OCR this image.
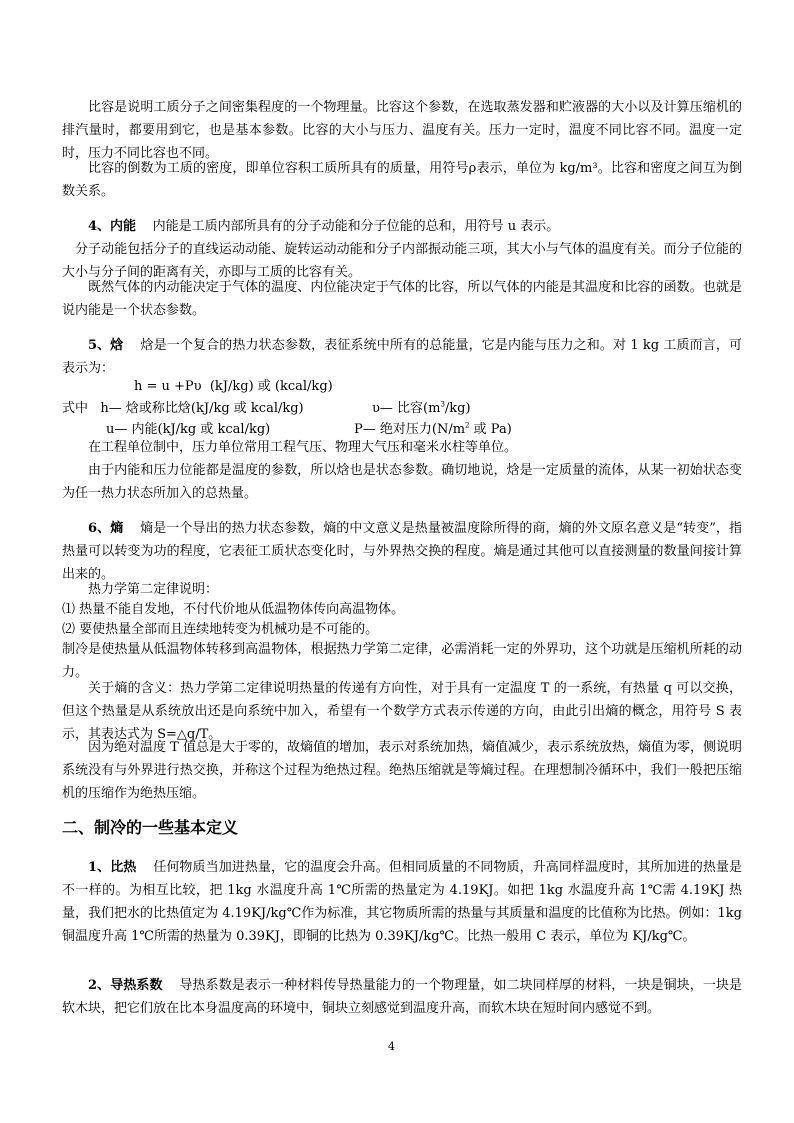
比容是说明工质分子之间密集程度的一个物理量。比容这个参数，在选取蒸发器和贮液器的大小以及计算压缩机的排汽量时，都要用到它，也是基本参数。比容的大小与压力、温度有关。压力一定时，温度不同比容不同。温度一定时，压力不同比容也不同。
比容的倒数为工质的密度，即单位容积工质所具有的质量，用符号ρ表示，单位为 kg/m³。比容和密度之间互为倒数关系。
4、内能 内能是工质内部所具有的分子动能和分子位能的总和，用符号 u 表示。
分子动能包括分子的直线运动动能、旋转运动动能和分子内部振动能三项，其大小与气体的温度有关。而分子位能的大小与分子间的距离有关，亦即与工质的比容有关。
既然气体的内动能决定于气体的温度、内位能决定于气体的比容，所以气体的内能是其温度和比容的函数。也就是说内能是一个状态参数。
5、焓 焓是一个复合的热力状态参数，表征系统中所有的总能量，它是内能与压力之和。对 1 kg 工质而言，可表示为：
h = u +Pυ  (kJ/kg) 或 (kcal/kg)
式中   h— 焓或称比焓(kJ/kg 或 kcal/kg)	υ— 比容$(m^3/kg)$
u— 内能(kJ/kg 或 kcal/kg)	P— 绝对压力($N/m^2$ 或 Pa)
在工程单位制中，压力单位常用工程气压、物理大气压和毫米水柱等单位。
由于内能和压力位能都是温度的参数，所以焓也是状态参数。确切地说，焓是一定质量的流体，从某一初始状态变为任一热力状态所加入的总热量。
6、熵 熵是一个导出的热力状态参数，熵的中文意义是热量被温度除所得的商，熵的外文原名意义是“转变”，指热量可以转变为功的程度，它表征工质状态变化时，与外界热交换的程度。熵是通过其他可以直接测量的数量间接计算出来的。
热力学第二定律说明：
⑴ 热量不能自发地，不付代价地从低温物体传向高温物体。
⑵ 要使热量全部而且连续地转变为机械功是不可能的。
制冷是使热量从低温物体转移到高温物体，根据热力学第二定律，必需消耗一定的外界功，这个功就是压缩机所耗的动力。
关于熵的含义：热力学第二定律说明热量的传递有方向性，对于具有一定温度 T 的一系统，有热量 q 可以交换，但这个热量是从系统放出还是向系统中加入，希望有一个数学方式表示传递的方向，由此引出熵的概念，用符号 S 表示，其表达式为 S=△q/T。
因为绝对温度 T 值总是大于零的，故熵值的增加，表示对系统加热，熵值减少，表示系统放热，熵值为零，侧说明系统没有与外界进行热交换，并称这个过程为绝热过程。绝热压缩就是等熵过程。在理想制冷循环中，我们一般把压缩机的压缩作为绝热压缩。
二、制冷的一些基本定义
1、比热 任何物质当加进热量，它的温度会升高。但相同质量的不同物质，升高同样温度时，其所加进的热量是不一样的。为相互比较，把 1kg 水温度升高 1℃所需的热量定为 4.19KJ。如把 1kg 水温度升高 1℃需 4.19KJ 热量，我们把水的比热值定为 4.19KJ/kg℃作为标准，其它物质所需的热量与其质量和温度的比值称为比热。例如：1kg 铜温度升高 1℃所需的热量为 0.39KJ，即铜的比热为 0.39KJ/kg℃。比热一般用 C 表示，单位为 KJ/kg℃。
2、导热系数 导热系数是表示一种材料传导热量能力的一个物理量，如二块同样厚的材料，一块是铜块，一块是软木块，把它们放在比本身温度高的环境中，铜块立刻感觉到温度升高，而软木块在短时间内感觉不到。
4
